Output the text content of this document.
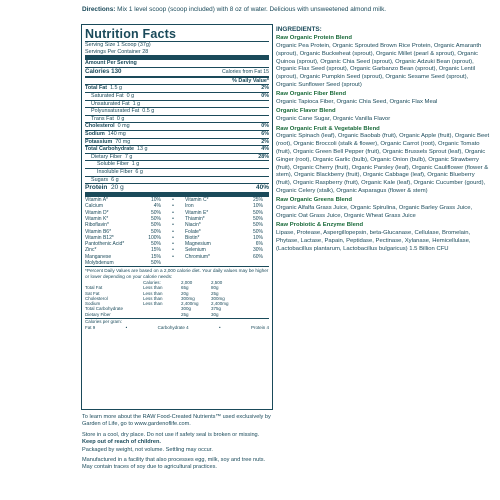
Directions: Mix 1 level scoop (scoop included) with 8 oz of water. Delicious with unsweetened almond milk.
Nutrition Facts
Serving Size 1 Scoop (37g)
Servings Per Container 28
Amount Per Serving
Calories 130	Calories from Fat 15
% Daily Value*
Total Fat 1.5 g	2%
Saturated Fat 0 g	0%
Unsaturated Fat 1 g
Polyunsaturated Fat 0.5 g
Trans Fat 0 g
Cholesterol 0 mg	0%
Sodium 140 mg	6%
Potassium 70 mg	2%
Total Carbohydrate 13 g	4%
Dietary Fiber 7 g	28%
Soluble Fiber 1 g
Insoluble Fiber 6 g
Sugars 6 g
Protein 20 g	40%
Vitamin A*	10%	•	Vitamin C*	25%
Calcium	4%	•	Iron	10%
Vitamin D*	50%	•	Vitamin E*	50%
Vitamin K*	50%	•	Thiamin*	50%
Riboflavin*	50%	•	Niacin*	50%
Vitamin B6*	50%	•	Folate*	50%
Vitamin B12*	100%	•	Biotin*	10%
Pantothenic Acid*	50%	•	Magnesium	6%
Zinc*	15%	•	Selenium	30%
Manganese	15%	•	Chromium*	60%
Molybdenum	50%
*Percent Daily Values are based on a 2,000 calorie diet. Your daily values may be higher or lower depending on your calorie needs:
Calories:	2,000	2,500
Total Fat	Less than	65g	80g
Sat Fat	Less than	20g	25g
Cholesterol	Less than	300mg	300mg
Sodium	Less than	2,400mg	2,400mg
Total Carbohydrate	300g	375g
Dietary Fiber	25g	30g
Calories per gram:
Fat 9	•	Carbohydrate 4	•	Protein 4

To learn more about the RAW Food-Created Nutrients™ used exclusively by Garden of Life, go to www.gardenoflife.com.

Store in a cool, dry place. Do not use if safety seal is broken or missing. Keep out of reach of children.
Packaged by weight, not volume. Settling may occur.

Manufactured in a facility that also processes egg, milk, soy and tree nuts. May contain traces of soy due to agricultural practices.

INGREDIENTS:
Raw Organic Protein Blend
Organic Pea Protein, Organic Sprouted Brown Rice Protein, Organic Amaranth (sprout), Organic Buckwheat (sprout), Organic Millet (pearl & sprout), Organic Quinoa (sprout), Organic Chia Seed (sprout), Organic Adzuki Bean (sprout), Organic Flax Seed (sprout), Organic Garbanzo Bean (sprout), Organic Lentil (sprout), Organic Pumpkin Seed (sprout), Organic Sesame Seed (sprout), Organic Sunflower Seed (sprout)
Raw Organic Fiber Blend
Organic Tapioca Fiber, Organic Chia Seed, Organic Flax Meal
Organic Flavor Blend
Organic Cane Sugar, Organic Vanilla Flavor
Raw Organic Fruit & Vegetable Blend
Organic Spinach (leaf), Organic Baobab (fruit), Organic Apple (fruit), Organic Beet (root), Organic Broccoli (stalk & flower), Organic Carrot (root), Organic Tomato (fruit), Organic Green Bell Pepper (fruit), Organic Brussels Sprout (leaf), Organic Ginger (root), Organic Garlic (bulb), Organic Onion (bulb), Organic Strawberry (fruit), Organic Cherry (fruit), Organic Parsley (leaf), Organic Cauliflower (flower & stem), Organic Blackberry (fruit), Organic Cabbage (leaf), Organic Blueberry (fruit), Organic Raspberry (fruit), Organic Kale (leaf), Organic Cucumber (gourd), Organic Celery (stalk), Organic Asparagus (flower & stem)
Raw Organic Greens Blend
Organic Alfalfa Grass Juice, Organic Spirulina, Organic Barley Grass Juice, Organic Oat Grass Juice, Organic Wheat Grass Juice
Raw Probiotic & Enzyme Blend
Lipase, Protease, Aspergillopepsin, beta-Glucanase, Cellulase, Bromelain, Phytase, Lactase, Papain, Peptidase, Pectinase, Xylanase, Hemicellulase, (Lactobacillus plantarum, Lactobacillus bulgaricus) 1.5 Billion CFU
